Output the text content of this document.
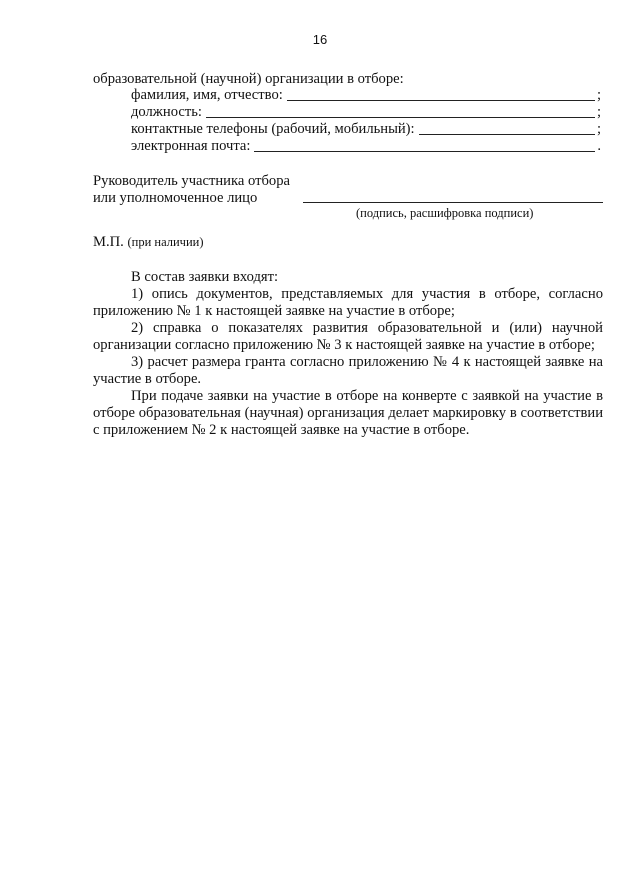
16
образовательной (научной) организации в отборе:
фамилия, имя, отчество:	;
должность:	;
контактные телефоны (рабочий, мобильный):	;
электронная почта:	.
Руководитель участника отбора
или уполномоченное лицо
(подпись, расшифровка подписи)
М.П. (при наличии)

В состав заявки входят:

1) опись документов, представляемых для участия в отборе, согласно приложению № 1 к настоящей заявке на участие в отборе;

2) справка о показателях развития образовательной и (или) научной организации согласно приложению № 3 к настоящей заявке на участие в отборе;

3) расчет размера гранта согласно приложению № 4 к настоящей заявке на участие в отборе.

При подаче заявки на участие в отборе на конверте с заявкой на участие в отборе образовательная (научная) организация делает маркировку в соответствии с приложением № 2 к настоящей заявке на участие в отборе.
